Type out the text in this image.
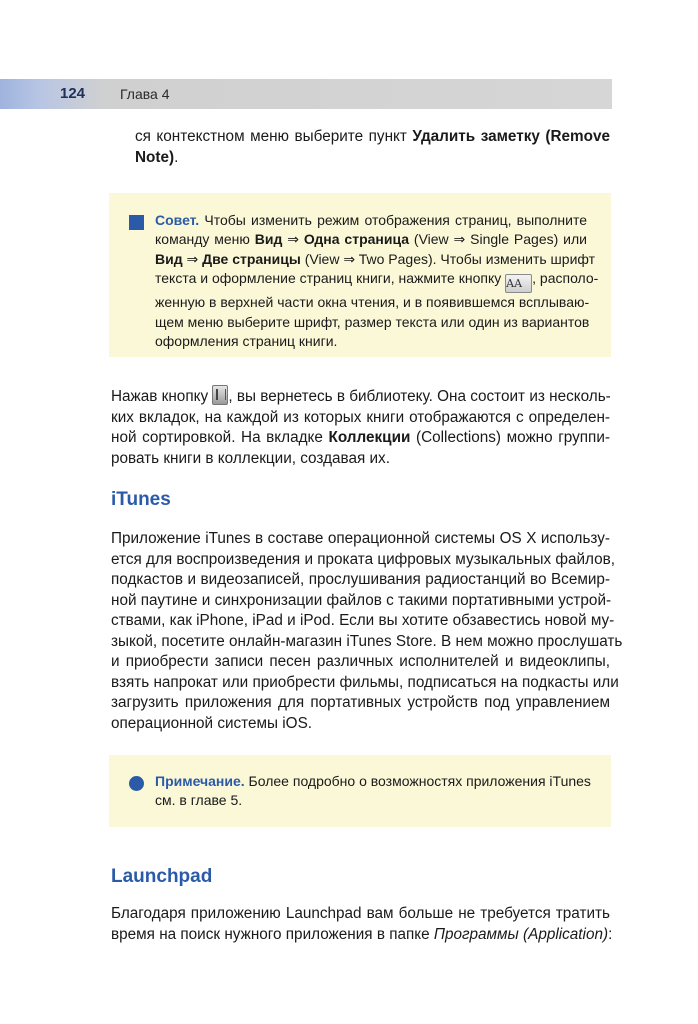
124	Глава 4
ся контекстном меню выберите пункт Удалить заметку (Remove
Note).
Совет. Чтобы изменить режим отображения страниц, выполните
команду меню Вид ⇒ Одна страница (View ⇒ Single Pages) или
Вид ⇒ Две страницы (View ⇒ Two Pages). Чтобы изменить шрифт
текста и оформление страниц книги, нажмите кнопку AA , располо-
женную в верхней части окна чтения, и в появившемся всплываю-
щем меню выберите шрифт, размер текста или один из вариантов
оформления страниц книги.
Нажав кнопку , вы вернетесь в библиотеку. Она состоит из несколь-
ких вкладок, на каждой из которых книги отображаются с определен-
ной сортировкой. На вкладке Коллекции (Collections) можно группи-
ровать книги в коллекции, создавая их.
iTunes
Приложение iTunes в составе операционной системы OS X использу-
ется для воспроизведения и проката цифровых музыкальных файлов,
подкастов и видеозаписей, прослушивания радиостанций во Всемир-
ной паутине и синхронизации файлов с такими портативными устрой-
ствами, как iPhone, iPad и iPod. Если вы хотите обзавестись новой му-
зыкой, посетите онлайн-магазин iTunes Store. В нем можно прослушать
и приобрести записи песен различных исполнителей и видеоклипы,
взять напрокат или приобрести фильмы, подписаться на подкасты или
загрузить приложения для портативных устройств под управлением
операционной системы iOS.
Примечание. Более подробно о возможностях приложения iTunes
см. в главе 5.
Launchpad
Благодаря приложению Launchpad вам больше не требуется тратить
время на поиск нужного приложения в папке Программы (Application):
